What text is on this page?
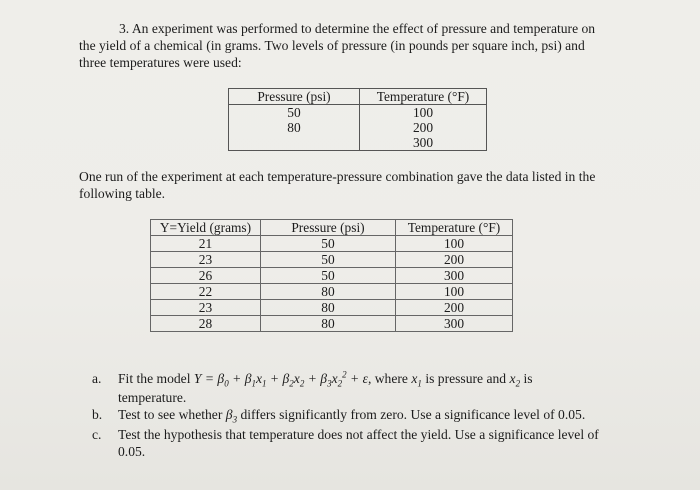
3. An experiment was performed to determine the effect of pressure and temperature on
the yield of a chemical (in grams. Two levels of pressure (in pounds per square inch, psi) and
three temperatures were used:
Pressure (psi)	Temperature (°F)
50	100
80	200
	300
One run of the experiment at each temperature-pressure combination gave the data listed in the
following table.
Y=Yield (grams)	Pressure (psi)	Temperature (°F)
21	50	100
23	50	200
26	50	300
22	80	100
23	80	200
28	80	300
a. Fit the model $Y = \beta_0 + \beta_1x_1 + \beta_2x_2 + \beta_3x_2^2 + \varepsilon$, where $x_1$ is pressure and $x_2$ is
temperature.
b. Test to see whether $\beta_3$ differs significantly from zero. Use a significance level of 0.05.
c. Test the hypothesis that temperature does not affect the yield. Use a significance level of
0.05.
